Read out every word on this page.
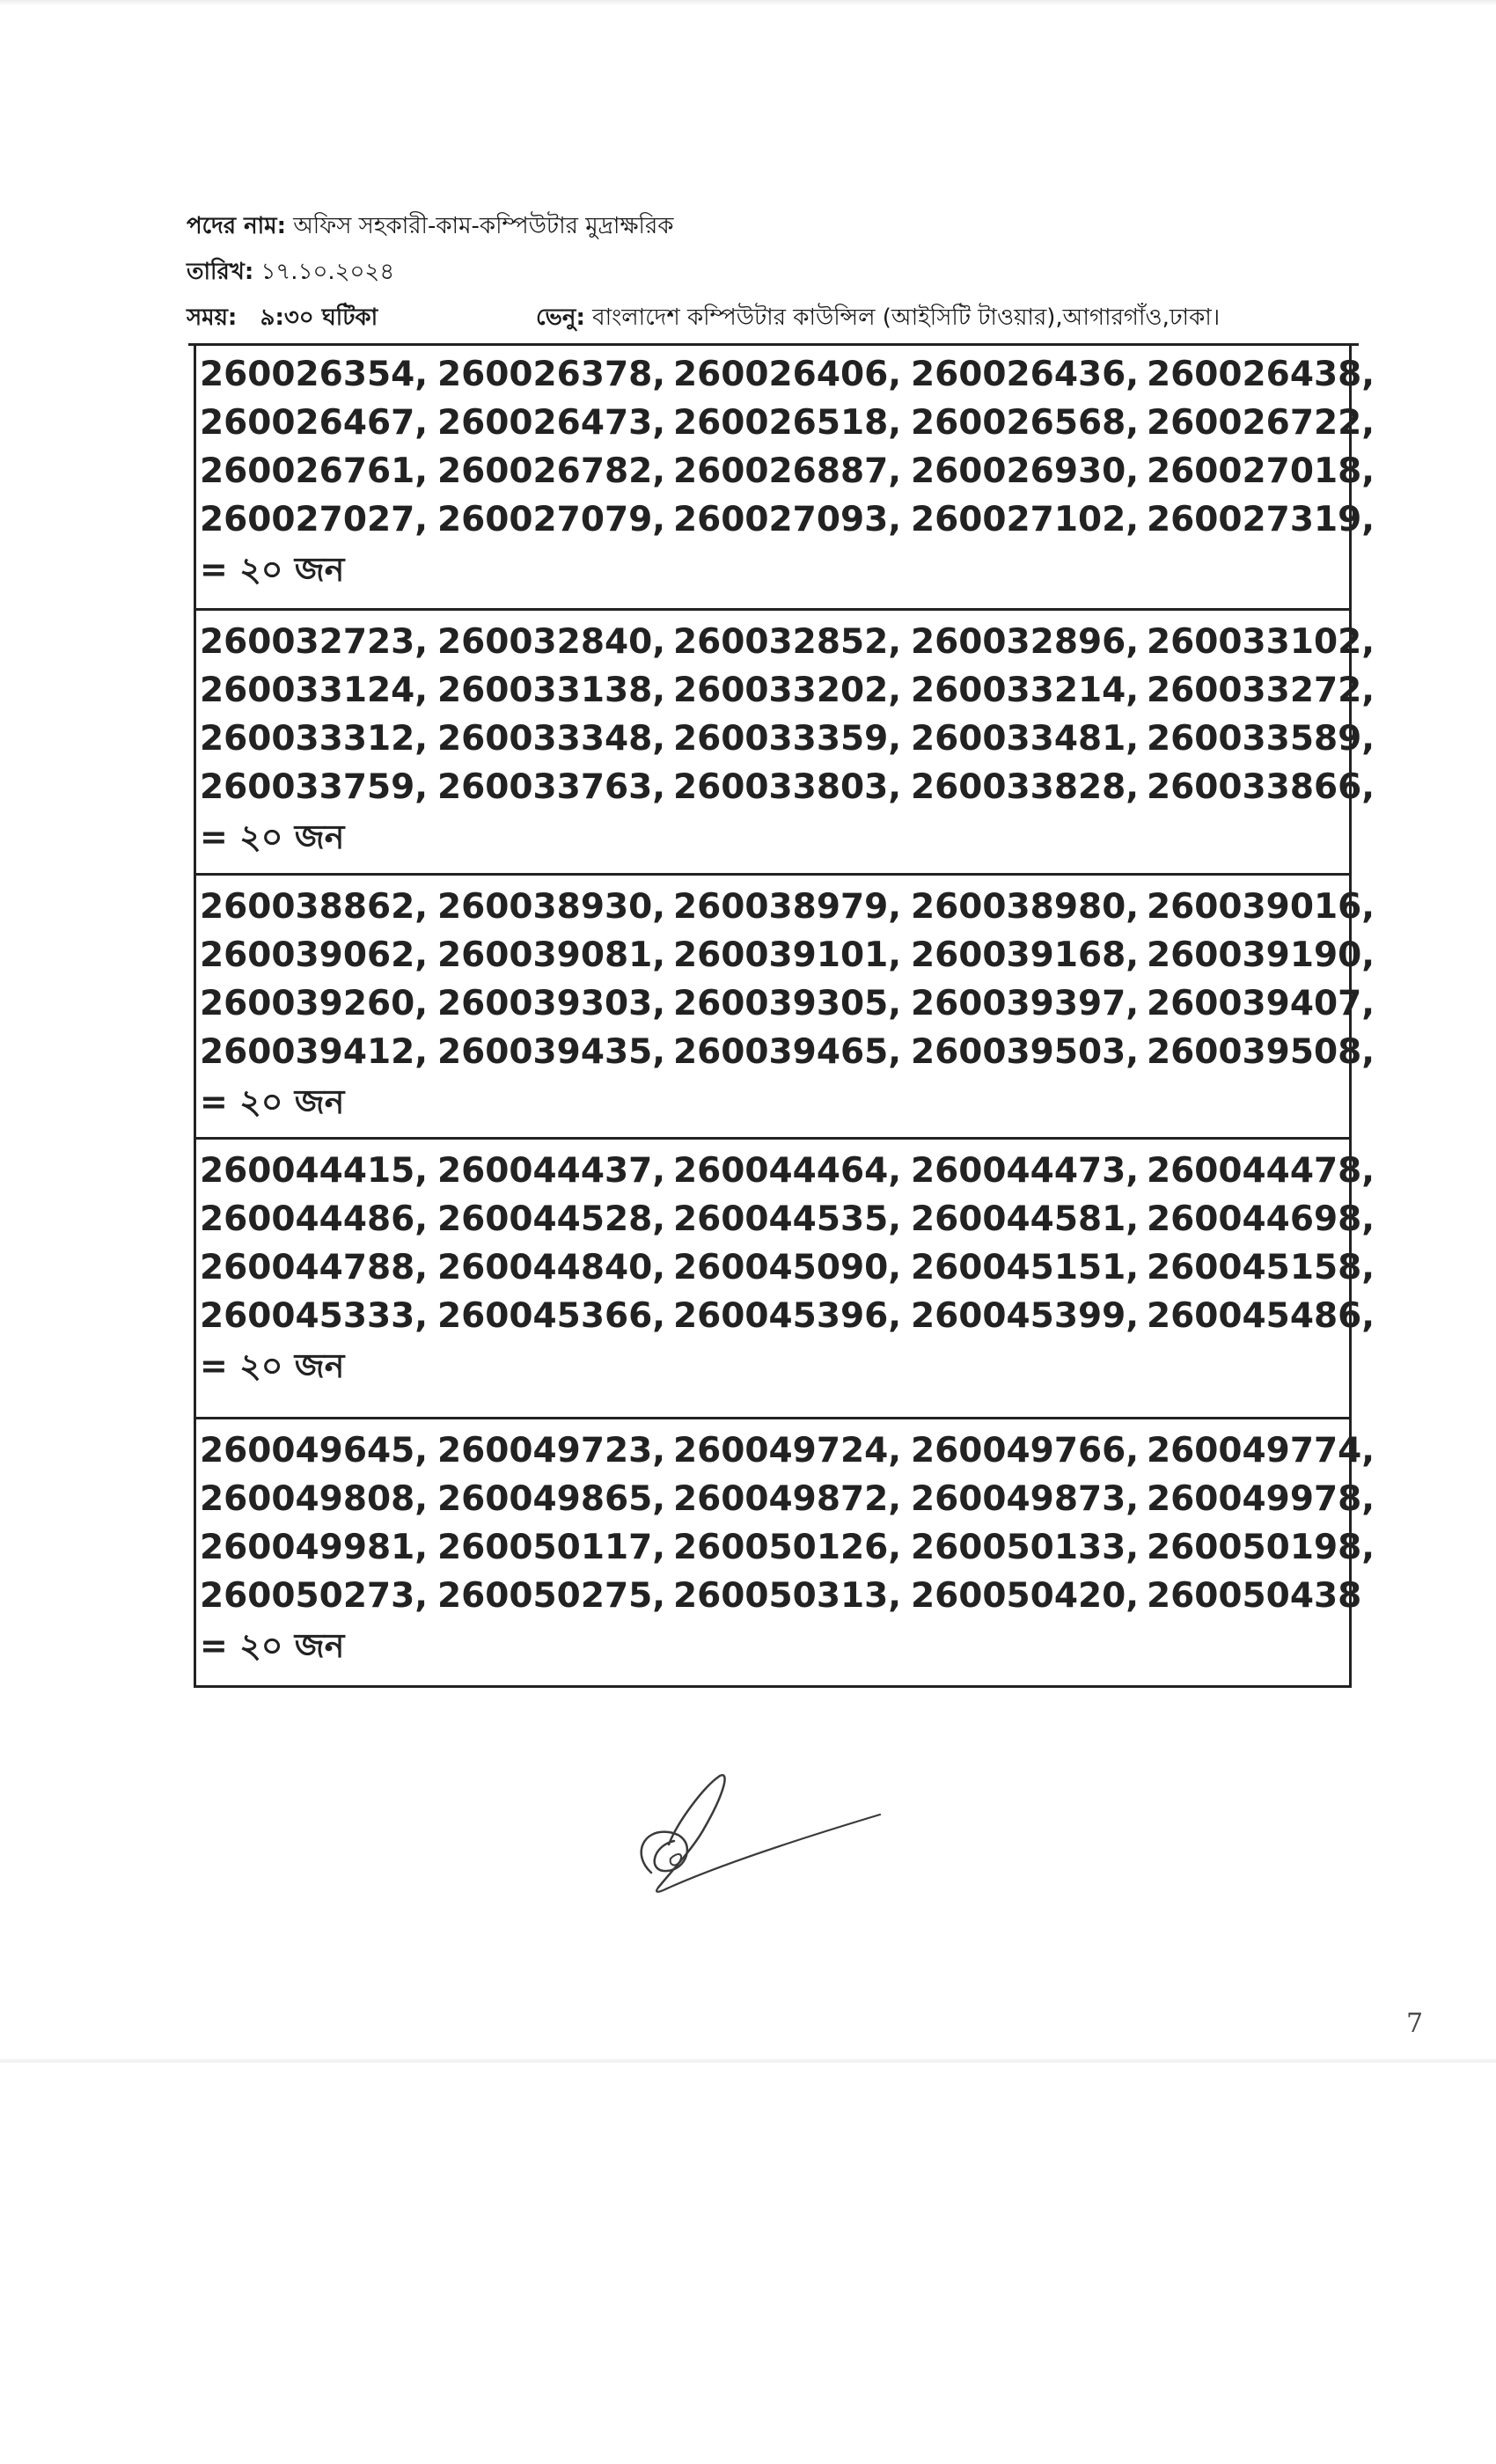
পদের নাম: অফিস সহকারী-কাম-কম্পিউটার মুদ্রাক্ষরিক
তারিখ: ১৭.১০.২০২৪
সময়: ৯:৩০ ঘটিকা	ভেনু: বাংলাদেশ কম্পিউটার কাউন্সিল (আইসিটি টাওয়ার),আগারগাঁও,ঢাকা।
260026354, 260026378, 260026406, 260026436, 260026438,
260026467, 260026473, 260026518, 260026568, 260026722,
260026761, 260026782, 260026887, 260026930, 260027018,
260027027, 260027079, 260027093, 260027102, 260027319,
= ২০ জন
260032723, 260032840, 260032852, 260032896, 260033102,
260033124, 260033138, 260033202, 260033214, 260033272,
260033312, 260033348, 260033359, 260033481, 260033589,
260033759, 260033763, 260033803, 260033828, 260033866,
= ২০ জন
260038862, 260038930, 260038979, 260038980, 260039016,
260039062, 260039081, 260039101, 260039168, 260039190,
260039260, 260039303, 260039305, 260039397, 260039407,
260039412, 260039435, 260039465, 260039503, 260039508,
= ২০ জন
260044415, 260044437, 260044464, 260044473, 260044478,
260044486, 260044528, 260044535, 260044581, 260044698,
260044788, 260044840, 260045090, 260045151, 260045158,
260045333, 260045366, 260045396, 260045399, 260045486,
= ২০ জন
260049645, 260049723, 260049724, 260049766, 260049774,
260049808, 260049865, 260049872, 260049873, 260049978,
260049981, 260050117, 260050126, 260050133, 260050198,
260050273, 260050275, 260050313, 260050420, 260050438
= ২০ জন
7
